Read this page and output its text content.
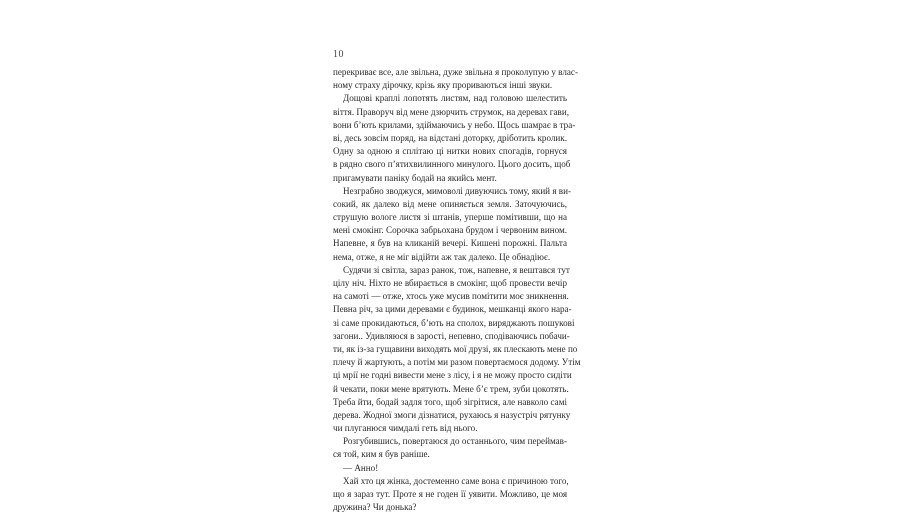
10
перекриває все, але звільна, дуже звільна я проколупую у влас-
ному страху дірочку, крізь яку прориваються інші звуки.
Дощові краплі лопотять листям, над головою шелестить
віття. Праворуч від мене дзюрчить струмок, на деревах гави,
вони б’ють крилами, здіймаючись у небо. Щось шамрає в тра-
ві, десь зовсім поряд, на відстані доторку, дріботить кролик.
Одну за одною я сплітаю ці нитки нових спогадів, горнуся
в рядно свого п’ятихвилинного минулого. Цього досить, щоб
пригамувати паніку бодай на якийсь мент.
Незграбно зводжуся, мимоволі дивуючись тому, який я ви-
сокий, як далеко від мене опиняється земля. Заточуючись,
струшую вологе листя зі штанів, уперше помітивши, що на
мені смокінг. Сорочка забрьохана брудом і червоним вином.
Напевне, я був на кликаній вечері. Кишені порожні. Пальта
нема, отже, я не міг відійти аж так далеко. Це обнадіює.
Судячи зі світла, зараз ранок, тож, напевне, я вештався тут
цілу ніч. Ніхто не вбирається в смокінг, щоб провести вечір
на самоті — отже, хтось уже мусив помітити моє зникнення.
Певна річ, за цими деревами є будинок, мешканці якого нара-
зі саме прокидаються, б’ють на сполох, виряджають пошукові
загони.. Удивляюся в зарості, непевно, сподіваючись побачи-
ти, як із-за гущавини виходять мої друзі, як плескають мене по
плечу й жартують, а потім ми разом повертаємося додому. Утім
ці мрії не годні вивести мене з лісу, і я не можу просто сидіти
й чекати, поки мене врятують. Мене б’є трем, зуби цокотять.
Треба йти, бодай задля того, щоб зігрітися, але навколо самі
дерева. Жодної змоги дізнатися, рухаюсь я назустріч рятунку
чи плуганюся чимдалі геть від нього.
Розгубившись, повертаюся до останнього, чим переймав-
ся той, ким я був раніше.
— Анно!
Хай хто ця жінка, достеменно саме вона є причиною того,
що я зараз тут. Проте я не годен її уявити. Можливо, це моя
дружина? Чи донька?
